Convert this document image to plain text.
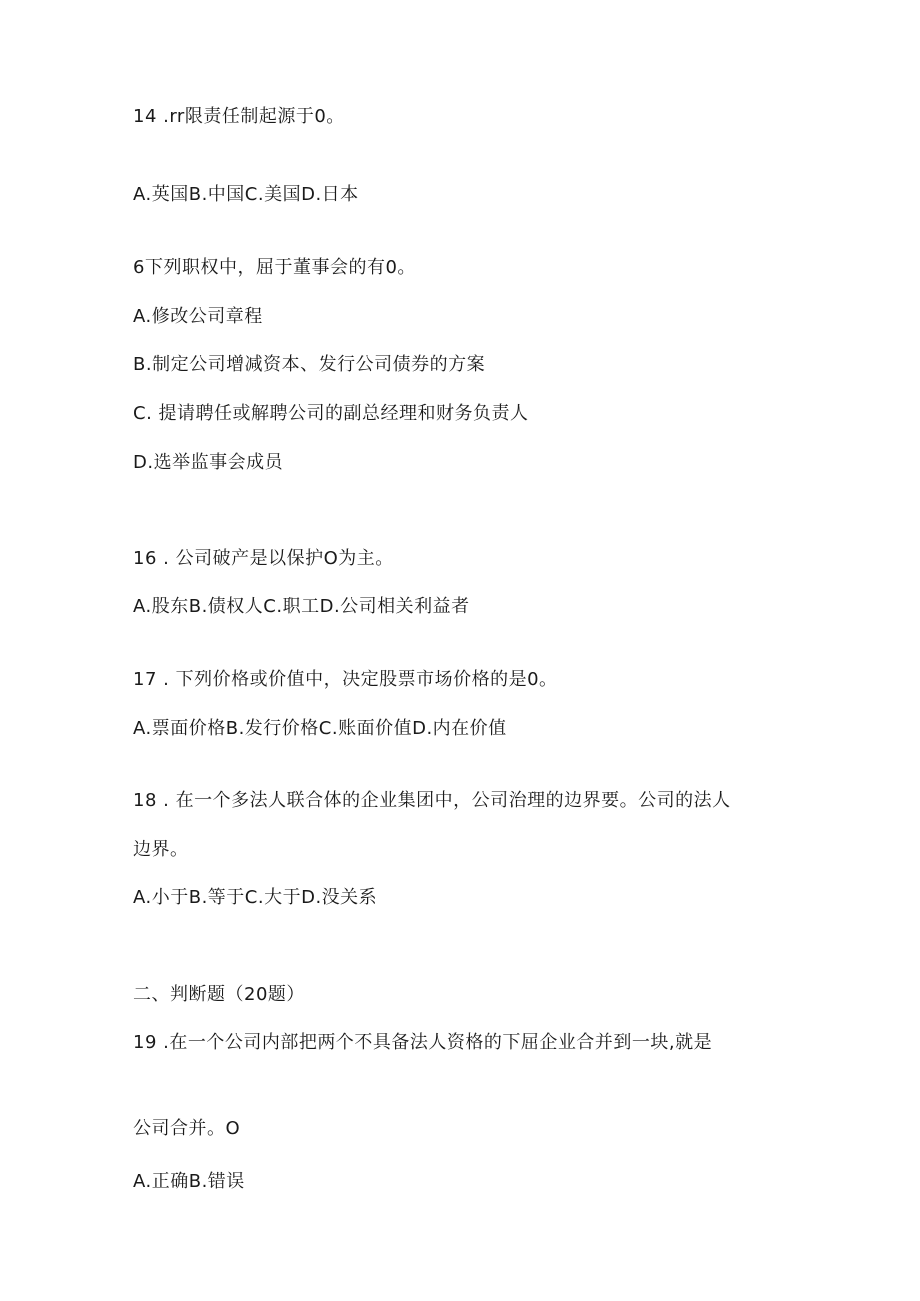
14 .rr限责任制起源于0。
A.英国B.中国C.美国D.日本
6下列职权中，屈于董事会的有0。
A.修改公司章程
B.制定公司增减资本、发行公司债券的方案
C. 提请聘任或解聘公司的副总经理和财务负责人
D.选举监事会成员
16 . 公司破产是以保护O为主。
A.股东B.债权人C.职工D.公司相关利益者
17 . 下列价格或价值中，决定股票市场价格的是0。
A.票面价格B.发行价格C.账面价值D.内在价值
18 . 在一个多法人联合体的企业集团中，公司治理的边界要。公司的法人
边界。
A.小于B.等于C.大于D.没关系
二、判断题（20题）
19 .在一个公司内部把两个不具备法人资格的下屈企业合并到一块,就是
公司合并。O
A.正确B.错误
